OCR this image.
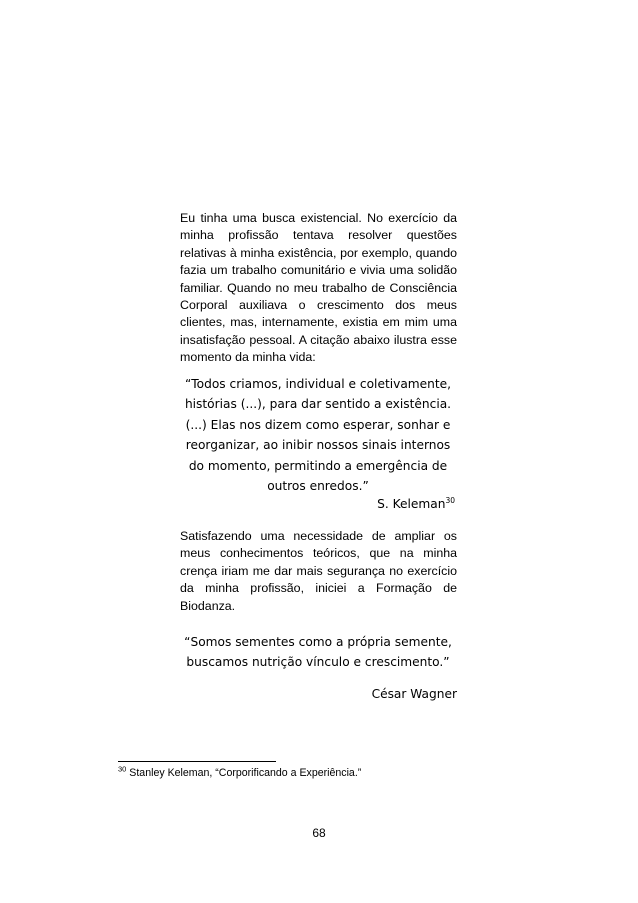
Eu tinha uma busca existencial. No exercício da minha profissão tentava resolver questões relativas à minha existência, por exemplo, quando fazia um trabalho comunitário e vivia uma solidão familiar. Quando no meu trabalho de Consciência Corporal auxiliava o crescimento dos meus clientes, mas, internamente, existia em mim uma insatisfação pessoal. A citação abaixo ilustra esse momento da minha vida:

“Todos criamos, individual e coletivamente,
histórias (...), para dar sentido a existência.
(...) Elas nos dizem como esperar, sonhar e
reorganizar, ao inibir nossos sinais internos
do momento, permitindo a emergência de
outros enredos.”
S. Keleman$^{30}$

Satisfazendo uma necessidade de ampliar os meus conhecimentos teóricos, que na minha crença iriam me dar mais segurança no exercício da minha profissão, iniciei a Formação de Biodanza.

“Somos sementes como a própria semente,
buscamos nutrição vínculo e crescimento.”
César Wagner
$^{30}$ Stanley Keleman, “Corporificando a Experiência.”
68
